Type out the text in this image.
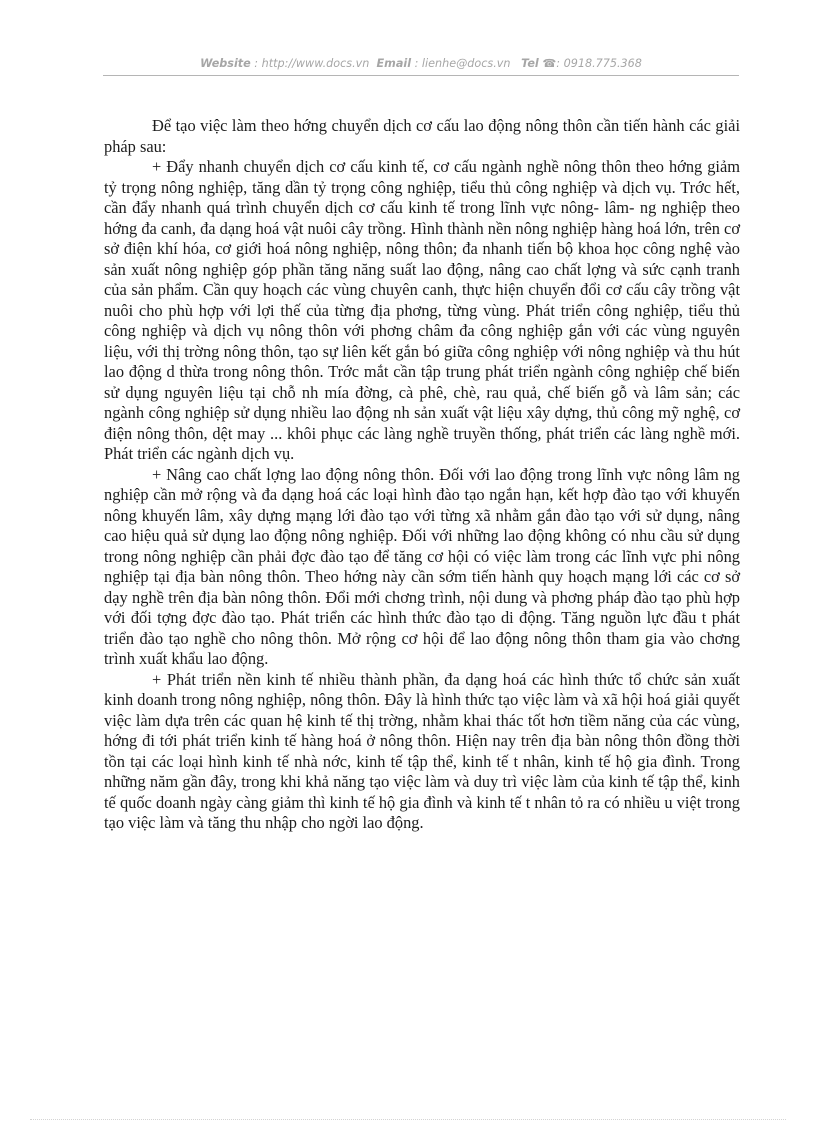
Website : http://www.docs.vn Email : lienhe@docs.vn Tel ☎: 0918.775.368

Để tạo việc làm theo hớng chuyển dịch cơ cấu lao động nông thôn cần tiến hành các giải pháp sau:

+ Đẩy nhanh chuyển dịch cơ cấu kinh tế, cơ cấu ngành nghề nông thôn theo hớng giảm tỷ trọng nông nghiệp, tăng dần tỷ trọng công nghiệp, tiểu thủ công nghiệp và dịch vụ. Trớc hết, cần đẩy nhanh quá trình chuyển dịch cơ cấu kinh tế trong lĩnh vực nông- lâm- ng nghiệp theo hớng đa canh, đa dạng hoá vật nuôi cây trồng. Hình thành nền nông nghiệp hàng hoá lớn, trên cơ sở điện khí hóa, cơ giới hoá nông nghiệp, nông thôn; đa nhanh tiến bộ khoa học công nghệ vào sản xuất nông nghiệp góp phần tăng năng suất lao động, nâng cao chất lợng và sức cạnh tranh của sản phẩm. Cần quy hoạch các vùng chuyên canh, thực hiện chuyển đổi cơ cấu cây trồng vật nuôi cho phù hợp với lợi thế của từng địa phơng, từng vùng. Phát triển công nghiệp, tiểu thủ công nghiệp và dịch vụ nông thôn với phơng châm đa công nghiệp gắn với các vùng nguyên liệu, với thị trờng nông thôn, tạo sự liên kết gắn bó giữa công nghiệp với nông nghiệp và thu hút lao động d thừa trong nông thôn. Trớc mắt cần tập trung phát triển ngành công nghiệp chế biến sử dụng nguyên liệu tại chỗ nh mía đờng, cà phê, chè, rau quả, chế biến gỗ và lâm sản; các ngành công nghiệp sử dụng nhiều lao động nh sản xuất vật liệu xây dựng, thủ công mỹ nghệ, cơ điện nông thôn, dệt may ... khôi phục các làng nghề truyền thống, phát triển các làng nghề mới. Phát triển các ngành dịch vụ.

+ Nâng cao chất lợng lao động nông thôn. Đối với lao động trong lĩnh vực nông lâm ng nghiệp cần mở rộng và đa dạng hoá các loại hình đào tạo ngắn hạn, kết hợp đào tạo với khuyến nông khuyến lâm, xây dựng mạng lới đào tạo với từng xã nhằm gắn đào tạo với sử dụng, nâng cao hiệu quả sử dụng lao động nông nghiệp. Đối với những lao động không có nhu cầu sử dụng trong nông nghiệp cần phải đợc đào tạo để tăng cơ hội có việc làm trong các lĩnh vực phi nông nghiệp tại địa bàn nông thôn. Theo hớng này cần sớm tiến hành quy hoạch mạng lới các cơ sở dạy nghề trên địa bàn nông thôn. Đổi mới chơng trình, nội dung và phơng pháp đào tạo phù hợp với đối tợng đợc đào tạo. Phát triển các hình thức đào tạo di động. Tăng nguồn lực đầu t phát triển đào tạo nghề cho nông thôn. Mở rộng cơ hội để lao động nông thôn tham gia vào chơng trình xuất khẩu lao động.

+ Phát triển nền kinh tế nhiều thành phần, đa dạng hoá các hình thức tổ chức sản xuất kinh doanh trong nông nghiệp, nông thôn. Đây là hình thức tạo việc làm và xã hội hoá giải quyết việc làm dựa trên các quan hệ kinh tế thị trờng, nhằm khai thác tốt hơn tiềm năng của các vùng, hớng đi tới phát triển kinh tế hàng hoá ở nông thôn. Hiện nay trên địa bàn nông thôn đồng thời tồn tại các loại hình kinh tế nhà nớc, kinh tế tập thể, kinh tế t nhân, kinh tế hộ gia đình. Trong những năm gần đây, trong khi khả năng tạo việc làm và duy trì việc làm của kinh tế tập thể, kinh tế quốc doanh ngày càng giảm thì kinh tế hộ gia đình và kinh tế t nhân tỏ ra có nhiều u việt trong tạo việc làm và tăng thu nhập cho ngời lao động.
